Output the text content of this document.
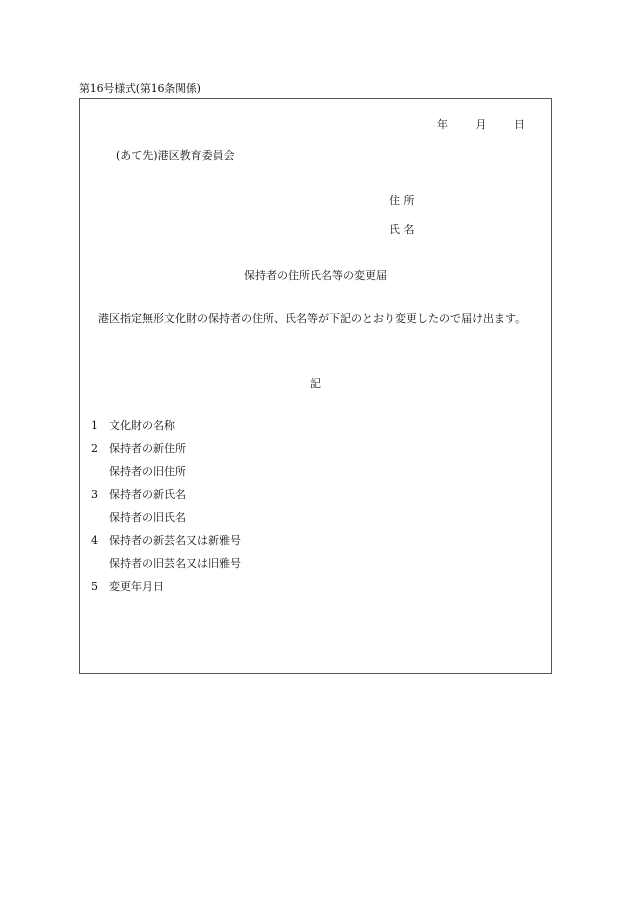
第16号様式(第16条関係)
年	月	日
(あて先)港区教育委員会
住 所
氏 名
保持者の住所氏名等の変更届
港区指定無形文化財の保持者の住所、氏名等が下記のとおり変更したので届け出ます。
記
1	文化財の名称
2	保持者の新住所
保持者の旧住所
3	保持者の新氏名
保持者の旧氏名
4	保持者の新芸名又は新雅号
保持者の旧芸名又は旧雅号
5	変更年月日
